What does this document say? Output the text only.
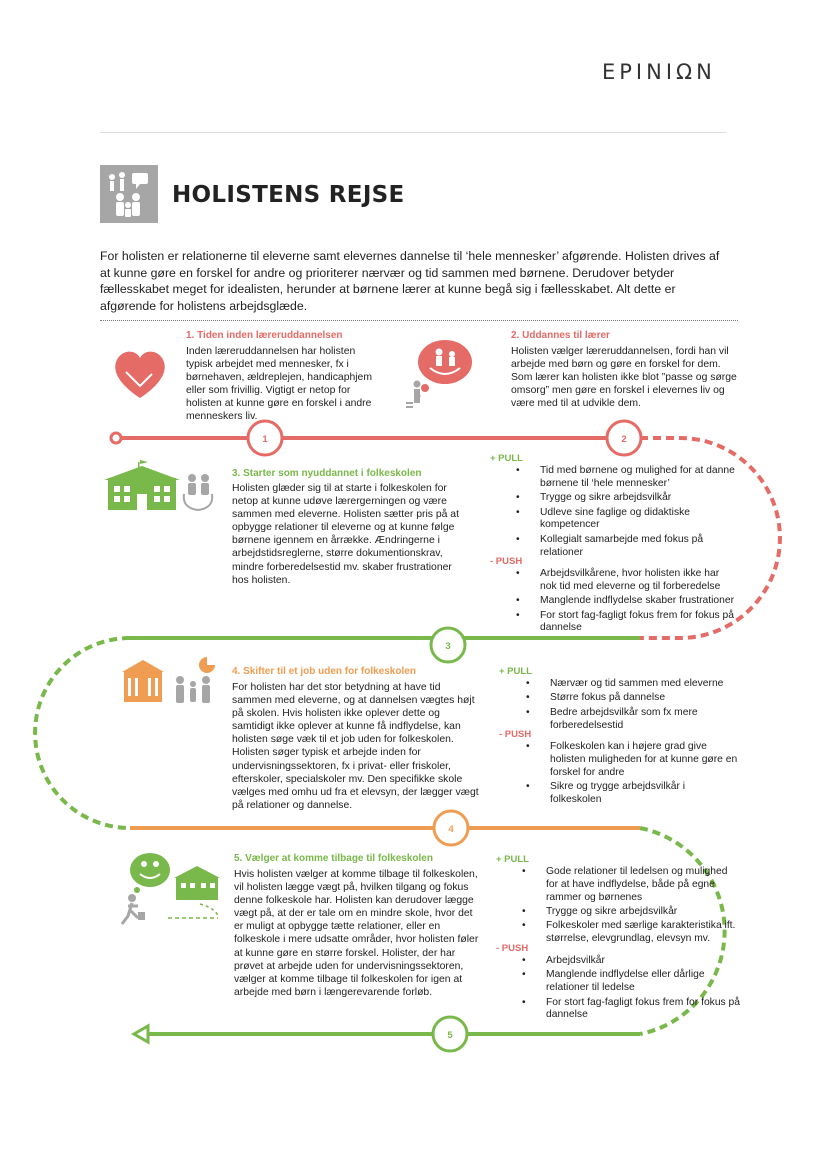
EPINIΩN
HOLISTENS REJSE
For holisten er relationerne til eleverne samt elevernes dannelse til ‘hele mennesker’ afgørende. Holisten drives af at kunne gøre en forskel for andre og prioriterer nærvær og tid sammen med børnene. Derudover betyder fællesskabet meget for idealisten, herunder at børnene lærer at kunne begå sig i fællesskabet. Alt dette er afgørende for holistens arbejdsglæde.
1	2
3
4
5
1. Tiden inden læreruddannelsen
Inden læreruddannelsen har holisten typisk arbejdet med mennesker, fx i børnehaven, ældreplejen, handicaphjem eller som frivillig. Vigtigt er netop for holisten at kunne gøre en forskel i andre menneskers liv.
2. Uddannes til lærer
Holisten vælger læreruddannelsen, fordi han vil arbejde med børn og gøre en forskel for dem. Som lærer kan holisten ikke blot ”passe og sørge omsorg” men gøre en forskel i elevernes liv og være med til at udvikle dem.
3. Starter som nyuddannet i folkeskolen
Holisten glæder sig til at starte i folkeskolen for netop at kunne udøve lærergerningen og være sammen med eleverne. Holisten sætter pris på at opbygge relationer til eleverne og at kunne følge børnene igennem en årrække. Ændringerne i arbejdstidsreglerne, større dokumentionskrav, mindre forberedelsestid mv. skaber frustrationer hos holisten.
+ PULL
• Tid med børnene og mulighed for at danne børnene til ‘hele mennesker’
• Trygge og sikre arbejdsvilkår
• Udleve sine faglige og didaktiske kompetencer
• Kollegialt samarbejde med fokus på relationer
- PUSH
• Arbejdsvilkårene, hvor holisten ikke har nok tid med eleverne og til forberedelse
• Manglende indflydelse skaber frustrationer
• For stort fag-fagligt fokus frem for fokus på dannelse
4. Skifter til et job uden for folkeskolen
For holisten har det stor betydning at have tid sammen med eleverne, og at dannelsen vægtes højt på skolen. Hvis holisten ikke oplever dette og samtidigt ikke oplever at kunne få indflydelse, kan holisten søge væk til et job uden for folkeskolen. Holisten søger typisk et arbejde inden for undervisningssektoren, fx i privat- eller friskoler, efterskoler, specialskoler mv. Den specifikke skole vælges med omhu ud fra et elevsyn, der lægger vægt på relationer og dannelse.
+ PULL
• Nærvær og tid sammen med eleverne
• Større fokus på dannelse
• Bedre arbejdsvilkår som fx mere forberedelsestid
- PUSH
• Folkeskolen kan i højere grad give holisten muligheden for at kunne gøre en forskel for andre
• Sikre og trygge arbejdsvilkår i folkeskolen
5. Vælger at komme tilbage til folkeskolen
Hvis holisten vælger at komme tilbage til folkeskolen, vil holisten lægge vægt på, hvilken tilgang og fokus denne folkeskole har. Holisten kan derudover lægge vægt på, at der er tale om en mindre skole, hvor det er muligt at opbygge tætte relationer, eller en folkeskole i mere udsatte områder, hvor holisten føler at kunne gøre en større forskel. Holister, der har prøvet at arbejde uden for undervisningssektoren, vælger at komme tilbage til folkeskolen for igen at arbejde med børn i længerevarende forløb.
+ PULL
• Gode relationer til ledelsen og mulighed for at have indflydelse, både på egne rammer og børnenes
• Trygge og sikre arbejdsvilkår
• Folkeskoler med særlige karakteristika ift. størrelse, elevgrundlag, elevsyn mv.
- PUSH
• Arbejdsvilkår
• Manglende indflydelse eller dårlige relationer til ledelse
• For stort fag-fagligt fokus frem for fokus på dannelse
